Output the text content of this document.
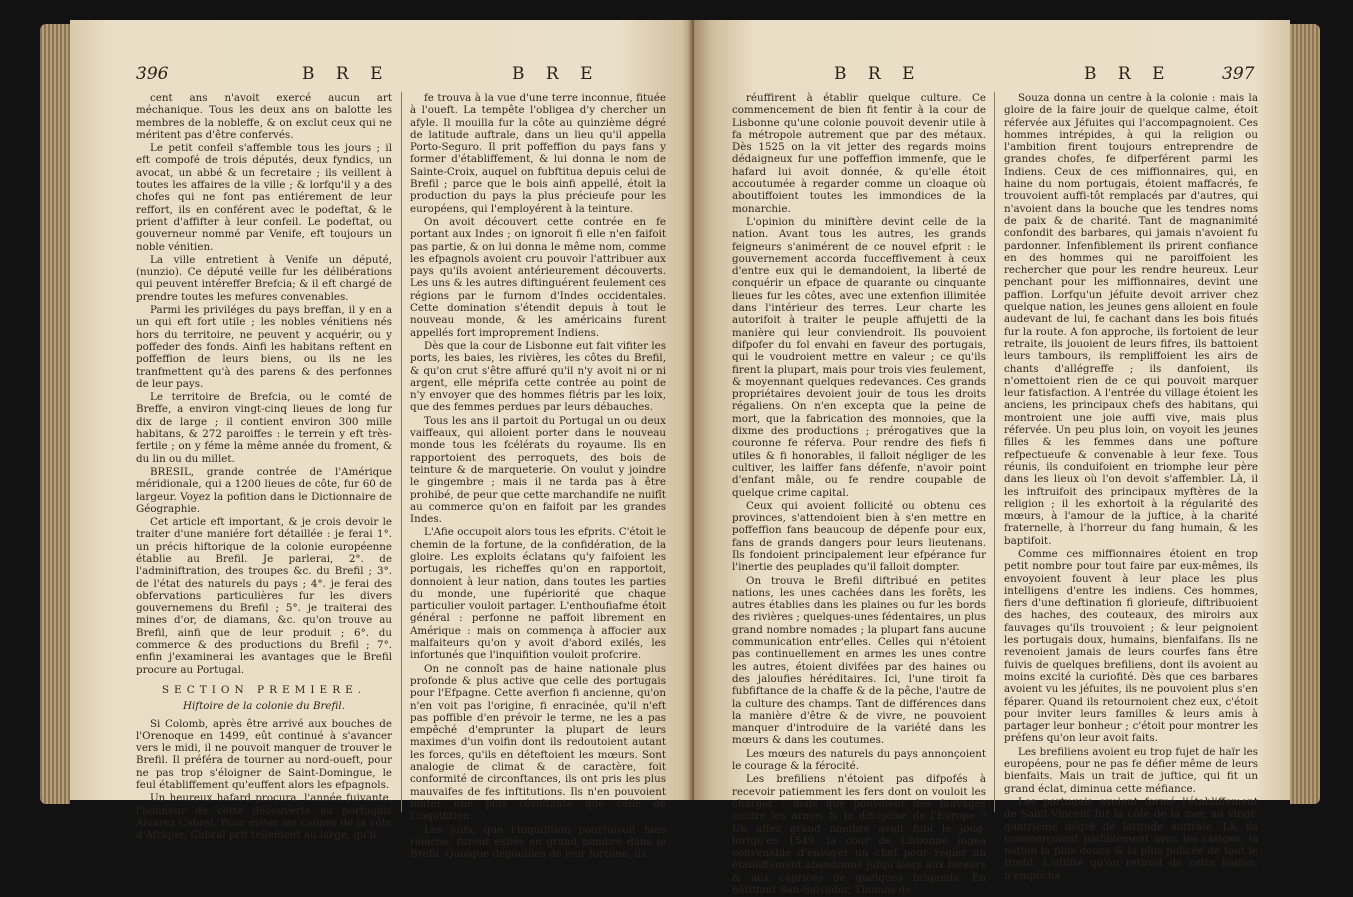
396	B R E	B R E

cent ans n'avoit exercé aucun art méchanique. Tous les deux ans on balotte les membres de la nobleffe, & on exclut ceux qui ne méritent pas d'être confervés.

Le petit confeil s'affemble tous les jours ; il eft compofé de trois députés, deux fyndics, un avocat, un abbé & un fecretaire ; ils veillent à toutes les affaires de la ville ; & lorfqu'il y a des chofes qui ne font pas entiérement de leur reffort, ils en conférent avec le podeftat, & le prient d'affifter à leur confeil. Le podeftat, ou gouverneur nommé par Venife, eft toujours un noble vénitien.

La ville entretient à Venife un député, (nunzio). Ce député veille fur les délibérations qui peuvent intéreffer Brefcia; & il eft chargé de prendre toutes les mefures convenables.

Parmi les priviléges du pays breffan, il y en a un qui eft fort utile ; les nobles vénitiens nés hors du territoire, ne peuvent y acquérir, ou y poffeder des fonds. Ainfi les habitans reftent en poffeffion de leurs biens, ou ils ne les tranfmettent qu'à des parens & des perfonnes de leur pays.

Le territoire de Brefcia, ou le comté de Breffe, a environ vingt-cinq lieues de long fur dix de large ; il contient environ 300 mille habitans, & 272 paroiffes : le terrein y eft très-fertile ; on y féme la même année du froment, & du lin ou du millet.

BRESIL, grande contrée de l'Amérique méridionale, qui a 1200 lieues de côte, fur 60 de largeur. Voyez la pofition dans le Dictionnaire de Géographie.

Cet article eft important, & je crois devoir le traiter d'une maniére fort détaillée : je ferai 1°. un précis hiftorique de la colonie européenne établie au Brefil. Je parlerai, 2°. de l'adminiftration, des troupes &c. du Brefil ; 3°. de l'état des naturels du pays ; 4°. je ferai des obfervations particulières fur les divers gouvernemens du Brefil ; 5°. je traiterai des mines d'or, de diamans, &c. qu'on trouve au Brefil, ainfi que de leur produit ; 6°. du commerce & des productions du Brefil ; 7°. enfin j'examinerai les avantages que le Brefil procure au Portugal.

SECTION PREMIERE.

Hiftoire de la colonie du Brefil.

Si Colomb, après être arrivé aux bouches de l'Orenoque en 1499, eût continué à s'avancer vers le midi, il ne pouvoit manquer de trouver le Brefil. Il préféra de tourner au nord-oueft, pour ne pas trop s'éloigner de Saint-Domingue, le feul établiffement qu'euffent alors les efpagnols.

Un heureux hafard procura, l'année fuivante, l'honneur de cette découverte au portugais Alvarez Cabral. Pour éviter les calmes de la côte d'Afrique, Cabral prit tellement au large, qu'il

fe trouva à la vue d'une terre inconnue, fituée à l'oueft. La tempête l'obligea d'y chercher un afyle. Il mouilla fur la côte au quinzième dégré de latitude auftrale, dans un lieu qu'il appella Porto-Seguro. Il prit poffeffion du pays fans y former d'établiffement, & lui donna le nom de Sainte-Croix, auquel on fubftitua depuis celui de Brefil ; parce que le bois ainfi appellé, étoit la production du pays la plus précieufe pour les européens, qui l'employérent à la teinture.

On avoit découvert cette contrée en fe portant aux Indes ; on ignoroit fi elle n'en faifoit pas partie, & on lui donna le même nom, comme les efpagnols avoient cru pouvoir l'attribuer aux pays qu'ils avoient antérieurement découverts. Les uns & les autres diftinguérent feulement ces régions par le furnom d'Indes occidentales. Cette domination s'étendit depuis à tout le nouveau monde, & les américains furent appellés fort improprement Indiens.

Dès que la cour de Lisbonne eut fait vifiter les ports, les baies, les rivières, les côtes du Brefil, & qu'on crut s'être affuré qu'il n'y avoit ni or ni argent, elle méprifa cette contrée au point de n'y envoyer que des hommes flétris par les loix, que des femmes perdues par leurs débauches.

Tous les ans il partoit du Portugal un ou deux vaiffeaux, qui alloient porter dans le nouveau monde tous les fcélérats du royaume. Ils en rapportoient des perroquets, des bois de teinture & de marqueterie. On voulut y joindre le gingembre ; mais il ne tarda pas à être prohibé, de peur que cette marchandife ne nuifît au commerce qu'on en faifoit par les grandes Indes.

L'Afie occupoit alors tous les efprits. C'étoit le chemin de la fortune, de la confidération, de la gloire. Les exploits éclatans qu'y faifoient les portugais, les richeffes qu'on en rapportoit, donnoient à leur nation, dans toutes les parties du monde, une fupériorité que chaque particulier vouloit partager. L'enthoufiafme étoit général : perfonne ne paffoit librement en Amérique : mais on commença à affocier aux malfaiteurs qu'on y avoit d'abord exilés, les infortunés que l'inquifition vouloit profcrire.

On ne connoît pas de haine nationale plus profonde & plus active que celle des portugais pour l'Efpagne. Cette averfion fi ancienne, qu'on n'en voit pas l'origine, fi enracinée, qu'il n'eft pas poffible d'en prévoir le terme, ne les a pas empêché d'emprunter la plupart de leurs maximes d'un voifin dont ils redoutoient autant les forces, qu'ils en déteftoient les mœurs. Sont analogie de climat & de caractère, foit conformité de circonftances, ils ont pris les plus mauvaifes de fes inftitutions. Ils n'en pouvoient imiter une plus révoltante que celle de l'inquifition.

Les juifs, que l'inquifition pourfuivoit fans relâche, furent exilés en grand nombre dans le Brefil. Quoique dépouillés de leur fortune, ils

B R E	B R E	397

réuffirent à établir quelque culture. Ce commencement de bien fit fentir à la cour de Lisbonne qu'une colonie pouvoit devenir utile à fa métropole autrement que par des métaux. Dès 1525 on la vit jetter des regards moins dédaigneux fur une poffeffion immenfe, que le hafard lui avoit donnée, & qu'elle étoit accoutumée à regarder comme un cloaque où aboutiffoient toutes les immondices de la monarchie.

L'opinion du miniftère devint celle de la nation. Avant tous les autres, les grands feigneurs s'animérent de ce nouvel efprit : le gouvernement accorda fucceffivement à ceux d'entre eux qui le demandoient, la liberté de conquérir un efpace de quarante ou cinquante lieues fur les côtes, avec une extenfion illimitée dans l'intérieur des terres. Leur charte les autorifoit à traiter le peuple affujetti de la manière qui leur conviendroit. Ils pouvoient difpofer du fol envahi en faveur des portugais, qui le voudroient mettre en valeur ; ce qu'ils firent la plupart, mais pour trois vies feulement, & moyennant quelques redevances. Ces grands propriétaires devoient jouir de tous les droits régaliens. On n'en excepta que la peine de mort, que la fabrication des monnoies, que la dixme des productions ; prérogatives que la couronne fe réferva. Pour rendre des fiefs fi utiles & fi honorables, il falloit négliger de les cultiver, les laiffer fans défenfe, n'avoir point d'enfant mâle, ou fe rendre coupable de quelque crime capital.

Ceux qui avoient follicité ou obtenu ces provinces, s'attendoient bien à s'en mettre en poffeffion fans beaucoup de dépenfe pour eux, fans de grands dangers pour leurs lieutenans. Ils fondoient principalement leur efpérance fur l'inertie des peuplades qu'il falloit dompter.

On trouva le Brefil diftribué en petites nations, les unes cachées dans les forêts, les autres établies dans les plaines ou fur les bords des rivières ; quelques-unes fédentaires, un plus grand nombre nomades ; la plupart fans aucune communication entr'elles. Celles qui n'étoient pas continuellement en armes les unes contre les autres, étoient divifées par des haines ou des jaloufies héréditaires. Ici, l'une tiroit fa fubfiftance de la chaffe & de la pêche, l'autre de la culture des champs. Tant de différences dans la manière d'être & de vivre, ne pouvoient manquer d'introduire de la variété dans les mœurs & dans les coutumes.

Les mœurs des naturels du pays annonçoient le courage & la férocité.

Les brefiliens n'étoient pas difpofés à recevoir patiemment les fers dont on vouloit les charger : mais que pouvoient des fauvages contre les armes & la difcipline de l'Europe ? Un affez grand nombre avoit fubi le joug, lorfqu'en 1549, la cour de Lisbonne jugea convenable d'envoyer un chef pour régler un établiffement abandonné jufqu'alors aux fureurs & aux caprices de quelques brigands. En bâtiffant San-Salvador, Thomas de

Souza donna un centre à la colonie : mais la gloire de la faire jouir de quelque calme, étoit réfervée aux Jéfuites qui l'accompagnoient. Ces hommes intrépides, à qui la religion ou l'ambition firent toujours entreprendre de grandes chofes, fe difperférent parmi les Indiens. Ceux de ces miffionnaires, qui, en haine du nom portugais, étoient maffacrés, fe trouvoient auffi-tôt remplacés par d'autres, qui n'avoient dans la bouche que les tendres noms de paix & de charité. Tant de magnanimité confondit des barbares, qui jamais n'avoient fu pardonner. Infenfiblement ils prirent confiance en des hommes qui ne paroiffoient les rechercher que pour les rendre heureux. Leur penchant pour les miffionnaires, devint une paffion. Lorfqu'un jéfuite devoit arriver chez quelque nation, les jeunes gens alloient en foule audevant de lui, fe cachant dans les bois fitués fur la route. A fon approche, ils fortoient de leur retraite, ils jouoient de leurs fifres, ils battoient leurs tambours, ils rempliffoient les airs de chants d'allégreffe ; ils danfoient, ils n'omettoient rien de ce qui pouvoit marquer leur fatisfaction. A l'entrée du village étoient les anciens, les principaux chefs des habitans, qui montroient une joie auffi vive, mais plus réfervée. Un peu plus loin, on voyoit les jeunes filles & les femmes dans une pofture refpectueufe & convenable à leur fexe. Tous réunis, ils conduifoient en triomphe leur père dans les lieux où l'on devoit s'affembler. Là, il les inftruifoit des principaux myftères de la religion ; il les exhortoit à la régularité des mœurs, à l'amour de la juftice, à la charité fraternelle, à l'horreur du fang humain, & les baptifoit.

Comme ces miffionnaires étoient en trop petit nombre pour tout faire par eux-mêmes, ils envoyoient fouvent à leur place les plus intelligens d'entre les indiens. Ces hommes, fiers d'une deftination fi glorieufe, diftribuoient des haches, des couteaux, des miroirs aux fauvages qu'ils trouvoient ; & leur peignoient les portugais doux, humains, bienfaifans. Ils ne revenoient jamais de leurs courfes fans être fuivis de quelques brefiliens, dont ils avoient au moins excité la curiofité. Dès que ces barbares avoient vu les jéfuites, ils ne pouvoient plus s'en féparer. Quand ils retournoient chez eux, c'étoit pour inviter leurs familles & leurs amis à partager leur bonheur ; c'étoit pour montrer les préfens qu'on leur avoit faits.

Les brefiliens avoient eu trop fujet de haïr les européens, pour ne pas fe défier même de leurs bienfaits. Mais un trait de juftice, qui fit un grand éclat, diminua cette méfiance.

Les portugais avoient formé l'établiffement de Saint-Vincent fur la côte de la mer, au vingt-quatrième dégré de latitude auftrale. Là, ils commerçoient paifiblement avec les cariges, la nation la plus douce & la plus policée de tout le Brefil. L'utilité qu'on retiroit de cette liaifon, n'empêcha
